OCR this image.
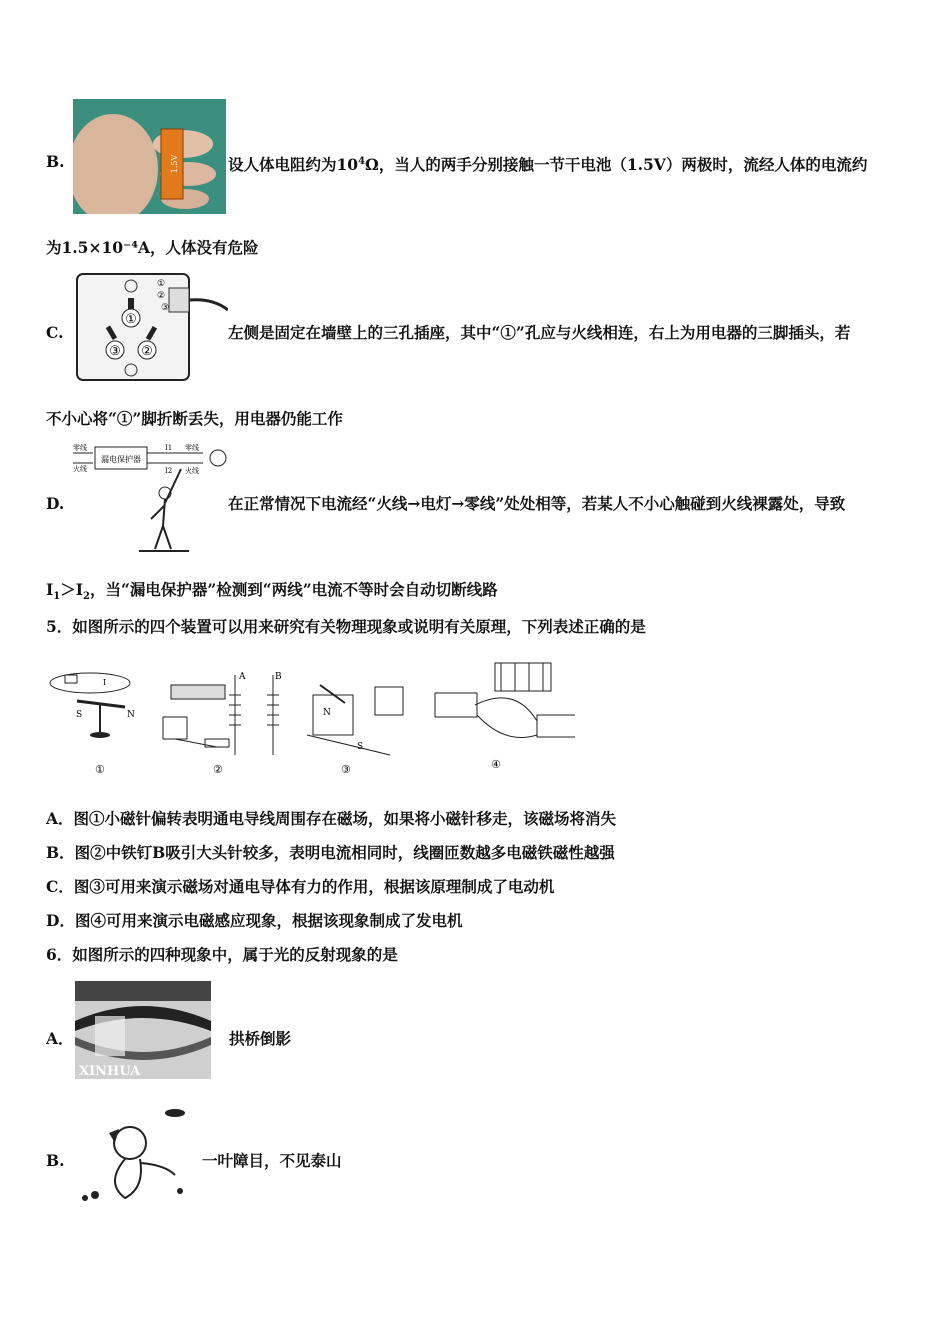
B.	1.5V	设人体电阻约为$10^4\Omega$，当人的两手分别接触一节干电池（1.5V）两极时，流经人体的电流约
为1.5×10⁻⁴A，人体没有危险
C.
①
②
③
①
②
③
左侧是固定在墙壁上的三孔插座，其中“①”孔应与火线相连，右上为用电器的三脚插头，若
不小心将“①”脚折断丢失，用电器仍能工作
D.
零线
火线
漏电保护器
I1
I2
零线
火线
在正常情况下电流经“火线→电灯→零线”处处相等，若某人不小心触碰到火线裸露处，导致
$I_1>I_2$，当“漏电保护器”检测到“两线”电流不等时会自动切断线路
5．如图所示的四个装置可以用来研究有关物理现象或说明有关原理，下列表述正确的是
S	N
I
①
A	B
②
N
S
③	④
A．图①小磁针偏转表明通电导线周围存在磁场，如果将小磁针移走，该磁场将消失
B．图②中铁钉B吸引大头针较多，表明电流相同时，线圈匝数越多电磁铁磁性越强
C．图③可用来演示磁场对通电导体有力的作用，根据该原理制成了电动机
D．图④可用来演示电磁感应现象，根据该现象制成了发电机
6．如图所示的四种现象中，属于光的反射现象的是
A．
XINHUA
拱桥倒影
B.	一叶障目，不见泰山
